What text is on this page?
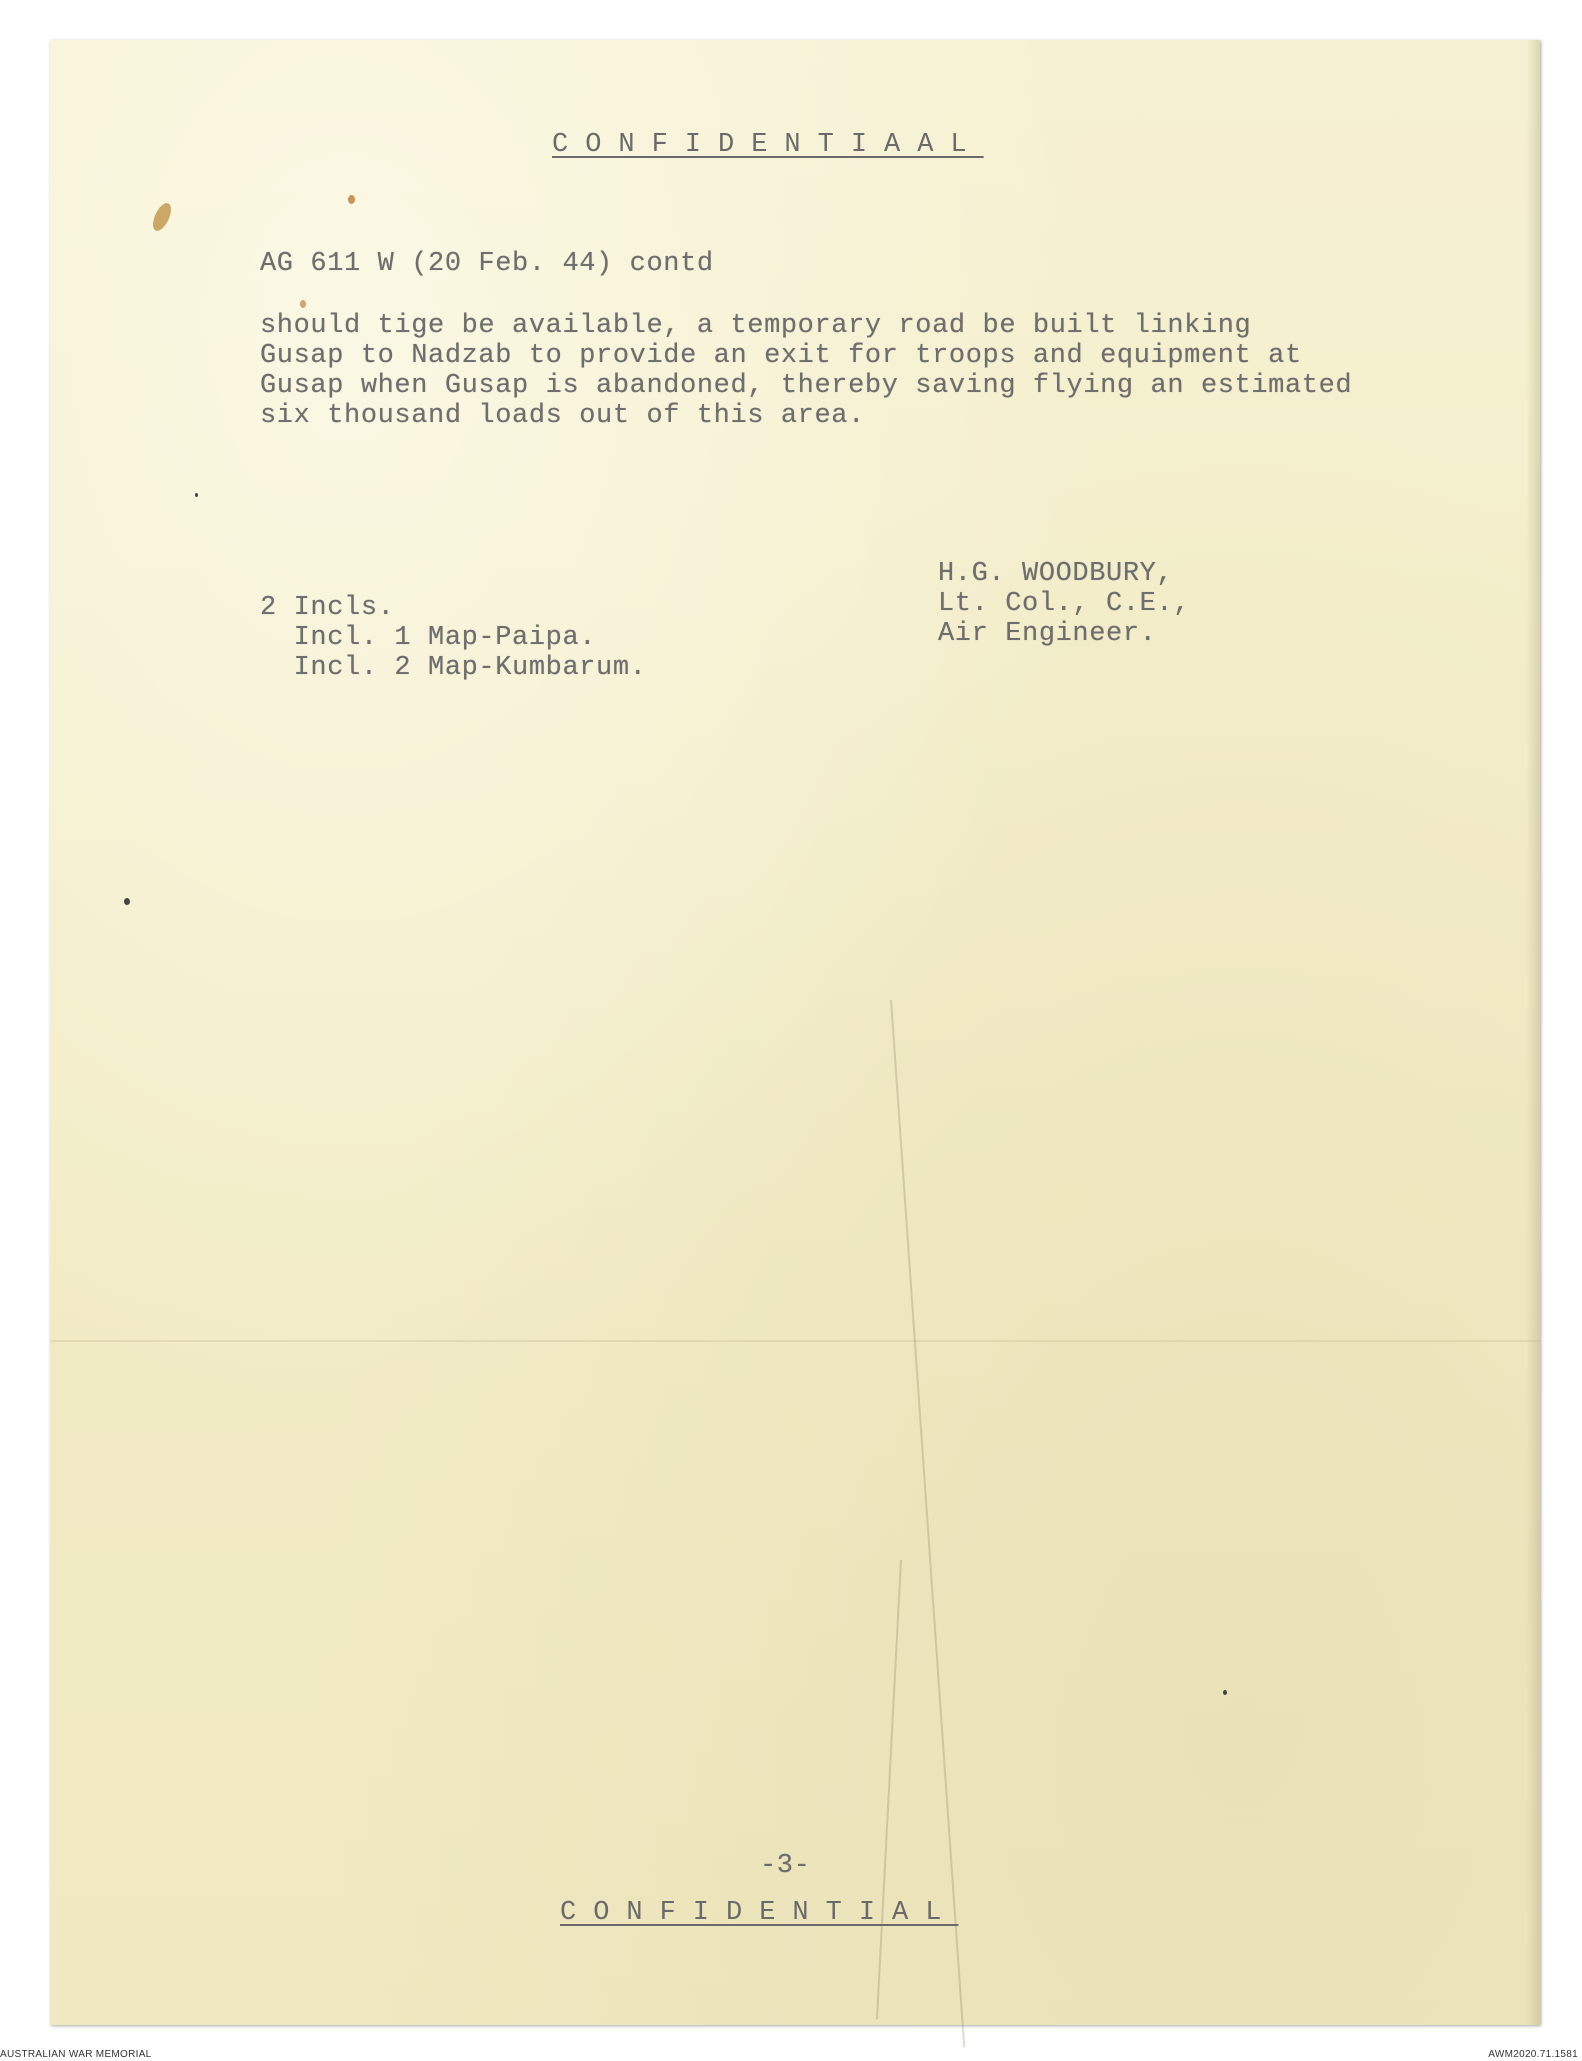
CONFIDENTIAAL
AG 611 W (20 Feb. 44) contd
should tige be available, a temporary road be built linking
Gusap to Nadzab to provide an exit for troops and equipment at
Gusap when Gusap is abandoned, thereby saving flying an estimated
six thousand loads out of this area.
2 Incls.
Incl. 1 Map-Paipa.
Incl. 2 Map-Kumbarum.
H.G. WOODBURY,
Lt. Col., C.E.,
Air Engineer.
-3-
CONFIDENTIAL
AUSTRALIAN WAR MEMORIAL	AWM2020.71.1581
